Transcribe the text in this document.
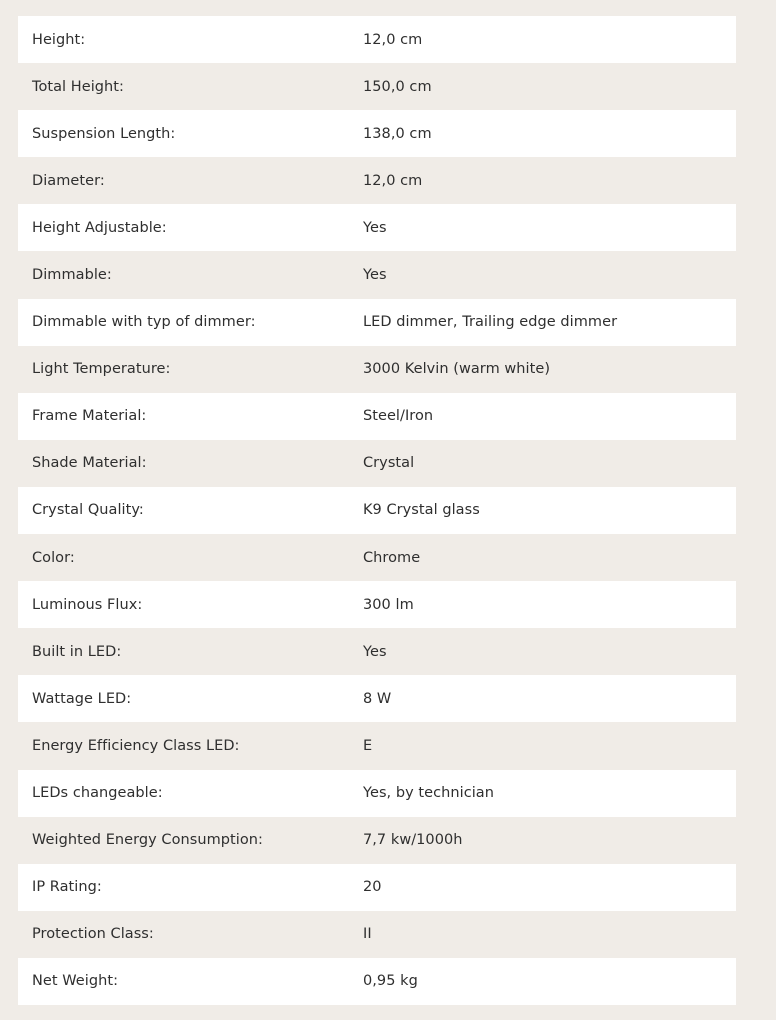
Height:	12,0 cm
Total Height:	150,0 cm
Suspension Length:	138,0 cm
Diameter:	12,0 cm
Height Adjustable:	Yes
Dimmable:	Yes
Dimmable with typ of dimmer:	LED dimmer, Trailing edge dimmer
Light Temperature:	3000 Kelvin (warm white)
Frame Material:	Steel/Iron
Shade Material:	Crystal
Crystal Quality:	K9 Crystal glass
Color:	Chrome
Luminous Flux:	300 lm
Built in LED:	Yes
Wattage LED:	8 W
Energy Efficiency Class LED:	E
LEDs changeable:	Yes, by technician
Weighted Energy Consumption:	7,7 kw/1000h
IP Rating:	20
Protection Class:	II
Net Weight:	0,95 kg
